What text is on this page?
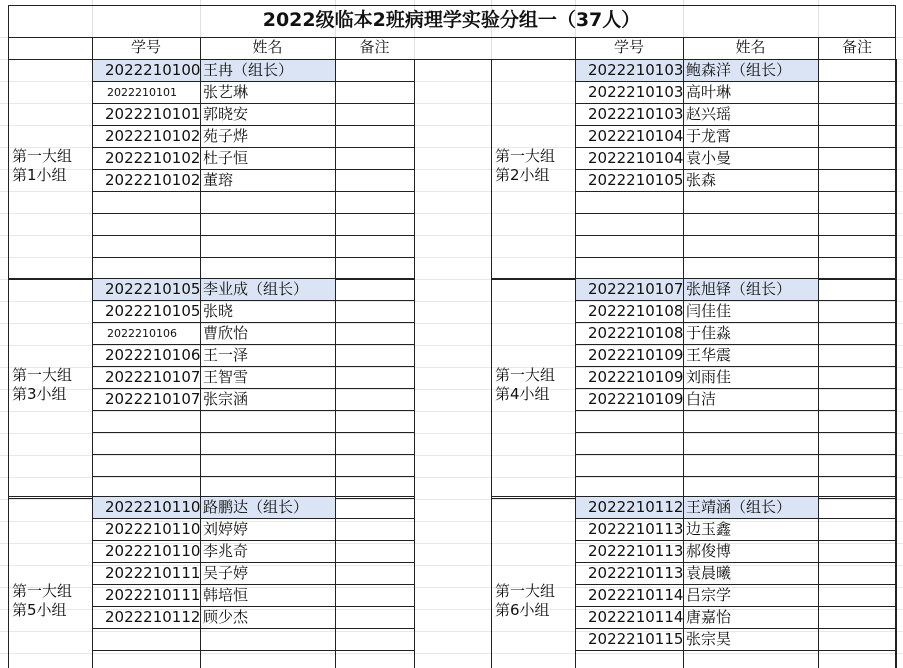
2022级临本2班病理学实验分组一（37人）
学号	姓名	备注	学号	姓名	备注
第一大组
第1小组
2022210100 王冉（组长）
2022210101	张艺琳
2022210101 郭晓安
2022210102 苑子烨
2022210102 杜子恒
2022210102 董瑢
第一大组
第2小组
2022210103 鲍森洋（组长）
2022210103 高叶琳
2022210103 赵兴瑶
2022210104 于龙霄
2022210104 袁小曼
2022210105 张森
第一大组
第3小组
2022210105 李业成（组长）
2022210105 张晓
2022210106	曹欣怡
2022210106 王一泽
2022210107 王智雪
2022210107 张宗涵
第一大组
第4小组
2022210107 张旭铎（组长）
2022210108 闫佳佳
2022210108 于佳淼
2022210109 王华震
2022210109 刘雨佳
2022210109 白洁
第一大组
第5小组
2022210110 路鹏达（组长）
2022210110 刘婷婷
2022210110 李兆奇
2022210111 吴子婷
2022210111 韩培恒
2022210112 顾少杰
第一大组
第6小组
2022210112 王靖涵（组长）
2022210113 边玉鑫
2022210113 郝俊博
2022210113 袁晨曦
2022210114 吕宗学
2022210114 唐嘉怡
2022210115 张宗昊
